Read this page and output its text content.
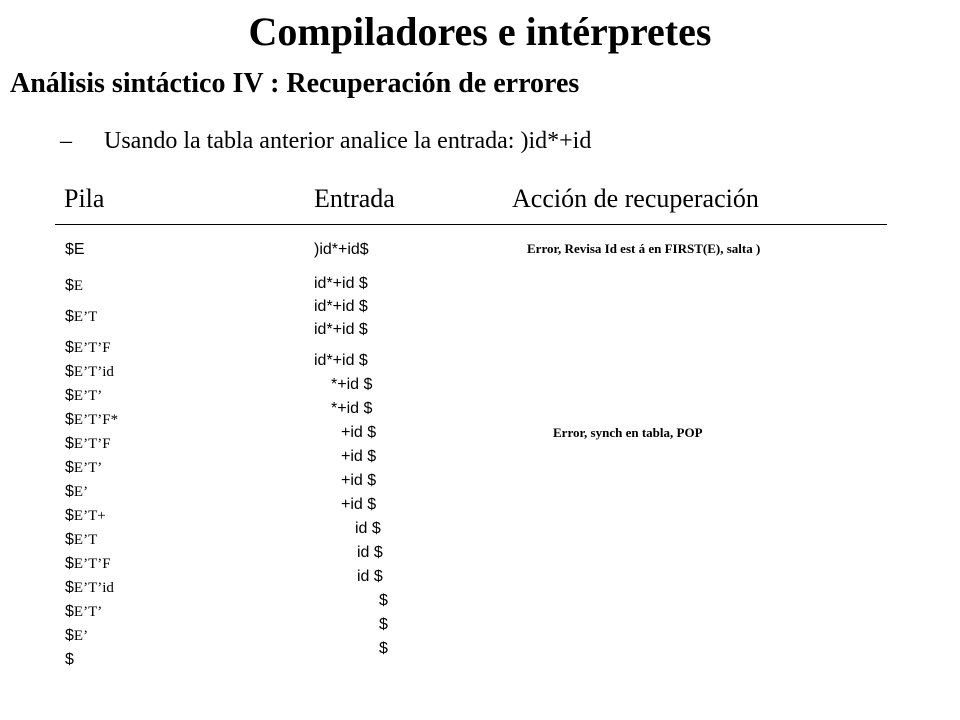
Compiladores e intérpretes
Análisis sintáctico IV : Recuperación de errores
– Usando la tabla anterior analice la entrada: )id*+id
Pila	Entrada	Acción de recuperación
$E
$E
$E’T
$E’T’F
$E’T’id
$E’T’
$E’T’F*
$E’T’F
$E’T’
$E’
$E’T+
$E’T
$E’T’F
$E’T’id
$E’T’
$E’
$
)id*+id$
id*+id $
id*+id $
id*+id $
id*+id $
*+id $
*+id $
+id $
+id $
+id $
+id $
id $
id $
id $
$
$
$
Error, Revisa Id est á en FIRST(E), salta )
Error, synch en tabla, POP
